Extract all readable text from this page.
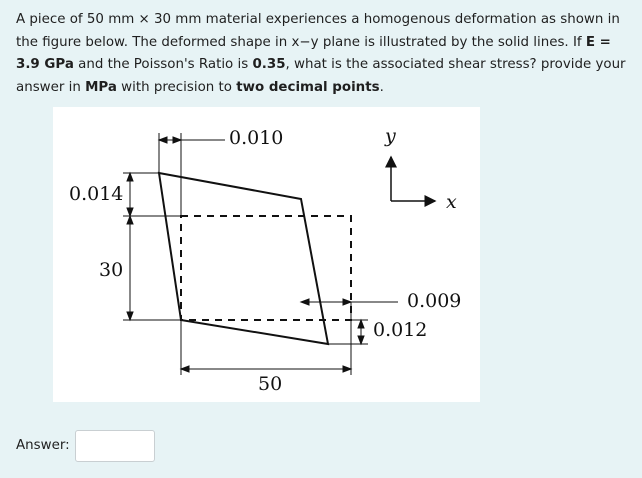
A piece of 50 mm × 30 mm material experiences a homogenous deformation as shown in the figure below. The deformed shape in x−y plane is illustrated by the solid lines. If E = 3.9 GPa and the Poisson's Ratio is 0.35, what is the associated shear stress? provide your answer in MPa with precision to two decimal points.
0.010
0.014
30
0.009
0.012
50
y
x
Answer:
